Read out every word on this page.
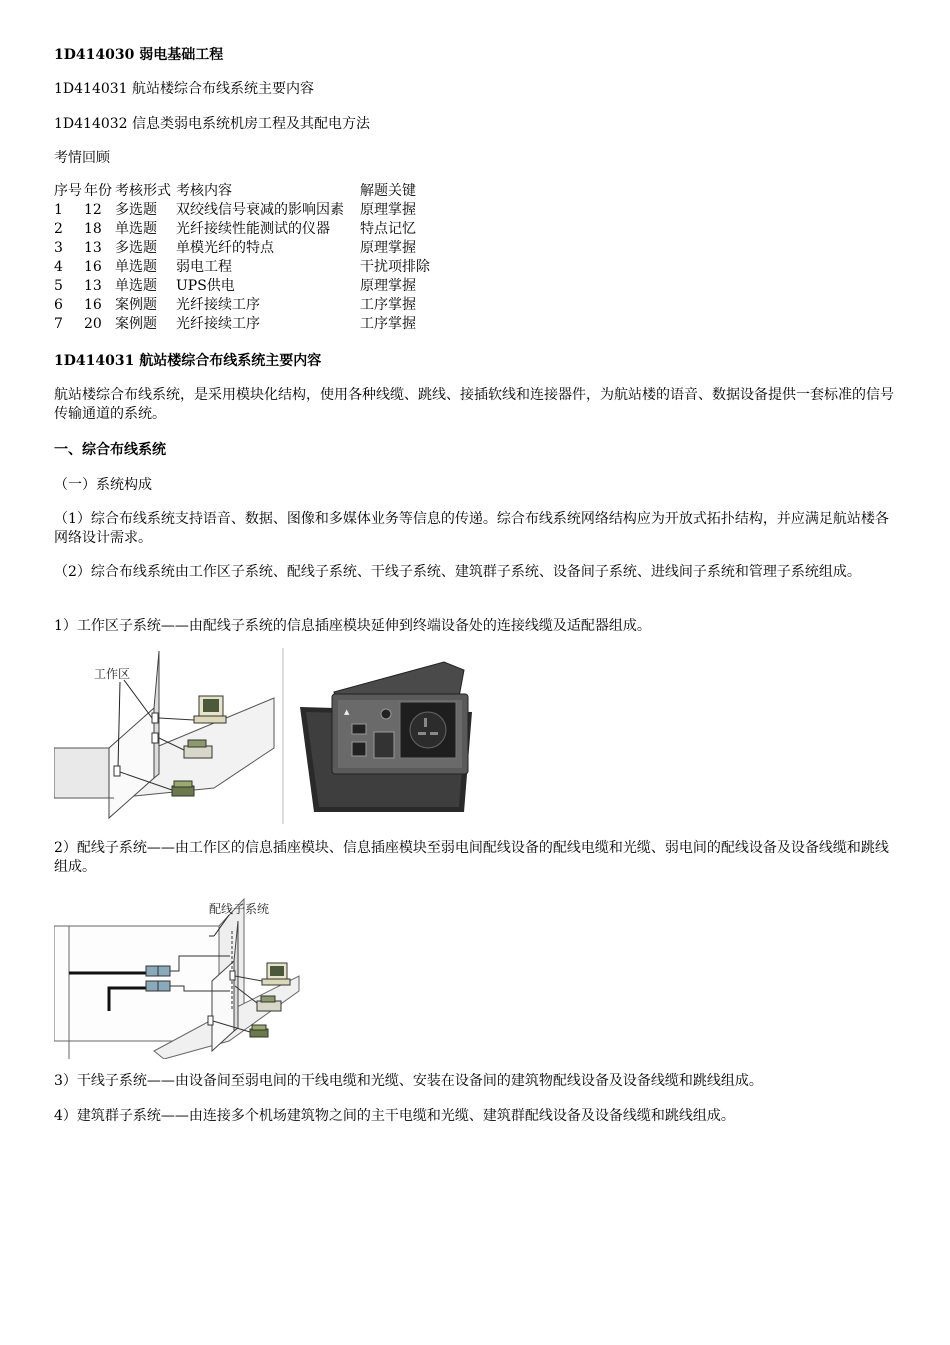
1D414030 弱电基础工程
1D414031 航站楼综合布线系统主要内容
1D414032 信息类弱电系统机房工程及其配电方法
考情回顾
序号 年份 考核形式 考核内容	解题关键
1 12 多选题 双绞线信号衰减的影响因素 原理掌握
2 18 单选题 光纤接续性能测试的仪器 特点记忆
3 13 多选题 单模光纤的特点	原理掌握
4 16 单选题 弱电工程	干扰项排除
5 13 单选题 UPS供电	原理掌握
6 16 案例题 光纤接续工序	工序掌握
7 20 案例题 光纤接续工序	工序掌握
1D414031 航站楼综合布线系统主要内容
航站楼综合布线系统，是采用模块化结构，使用各种线缆、跳线、接插软线和连接器件，为航站楼的语音、数据设备提供一套标准的信号传输通道的系统。
一、综合布线系统
（一）系统构成
（1）综合布线系统支持语音、数据、图像和多媒体业务等信息的传递。综合布线系统网络结构应为开放式拓扑结构，并应满足航站楼各网络设计需求。
（2）综合布线系统由工作区子系统、配线子系统、干线子系统、建筑群子系统、设备间子系统、进线间子系统和管理子系统组成。
1）工作区子系统——由配线子系统的信息插座模块延伸到终端设备处的连接线缆及适配器组成。
工作区
▲
2）配线子系统——由工作区的信息插座模块、信息插座模块至弱电间配线设备的配线电缆和光缆、弱电间的配线设备及设备线缆和跳线组成。
配线子系统
3）干线子系统——由设备间至弱电间的干线电缆和光缆、安装在设备间的建筑物配线设备及设备线缆和跳线组成。
4）建筑群子系统——由连接多个机场建筑物之间的主干电缆和光缆、建筑群配线设备及设备线缆和跳线组成。
